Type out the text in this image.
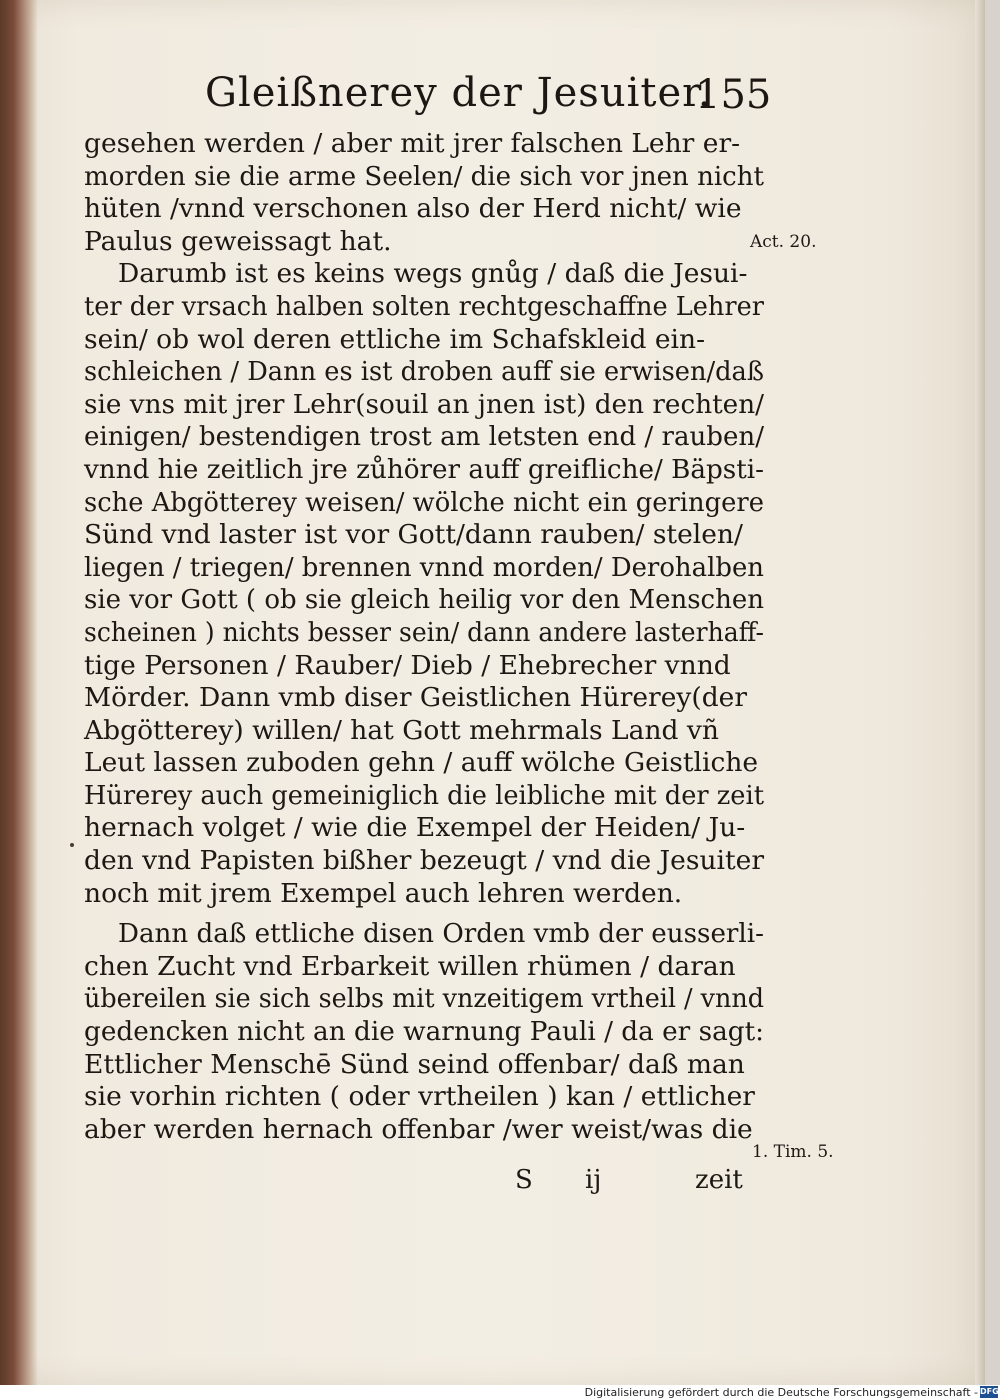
Gleißnerey der Jesuiter.
155
gesehen werden / aber mit jrer falschen Lehr er-
morden sie die arme Seelen/ die sich vor jnen nicht
hüten /vnnd verschonen also der Herd nicht/ wie
Paulus geweissagt hat.
Darumb ist es keins wegs gnůg / daß die Jesui-
ter der vrsach halben solten rechtgeschaffne Lehrer
sein/ ob wol deren ettliche im Schafskleid ein-
schleichen / Dann es ist droben auff sie erwisen/daß
sie vns mit jrer Lehr(souil an jnen ist) den rechten/
einigen/ bestendigen trost am letsten end / rauben/
vnnd hie zeitlich jre zůhörer auff greifliche/ Bäpsti-
sche Abgötterey weisen/ wölche nicht ein geringere
Sünd vnd laster ist vor Gott/dann rauben/ stelen/
liegen / triegen/ brennen vnnd morden/ Derohalben
sie vor Gott ( ob sie gleich heilig vor den Menschen
scheinen ) nichts besser sein/ dann andere lasterhaff-
tige Personen / Rauber/ Dieb / Ehebrecher vnnd
Mörder. Dann vmb diser Geistlichen Hürerey(der
Abgötterey) willen/ hat Gott mehrmals Land vñ
Leut lassen zuboden gehn / auff wölche Geistliche
Hürerey auch gemeiniglich die leibliche mit der zeit
hernach volget / wie die Exempel der Heiden/ Ju-
den vnd Papisten bißher bezeugt / vnd die Jesuiter
noch mit jrem Exempel auch lehren werden.
Dann daß ettliche disen Orden vmb der eusserli-
chen Zucht vnd Erbarkeit willen rhümen / daran
übereilen sie sich selbs mit vnzeitigem vrtheil / vnnd
gedencken nicht an die warnung Pauli / da er sagt:
Ettlicher Menschē Sünd seind offenbar/ daß man
sie vorhin richten ( oder vrtheilen ) kan / ettlicher
aber werden hernach offenbar /wer weist/was die
Act. 20.
1. Tim. 5.
S ij	zeit
Digitalisierung gefördert durch die Deutsche Forschungsgemeinschaft - DFG
